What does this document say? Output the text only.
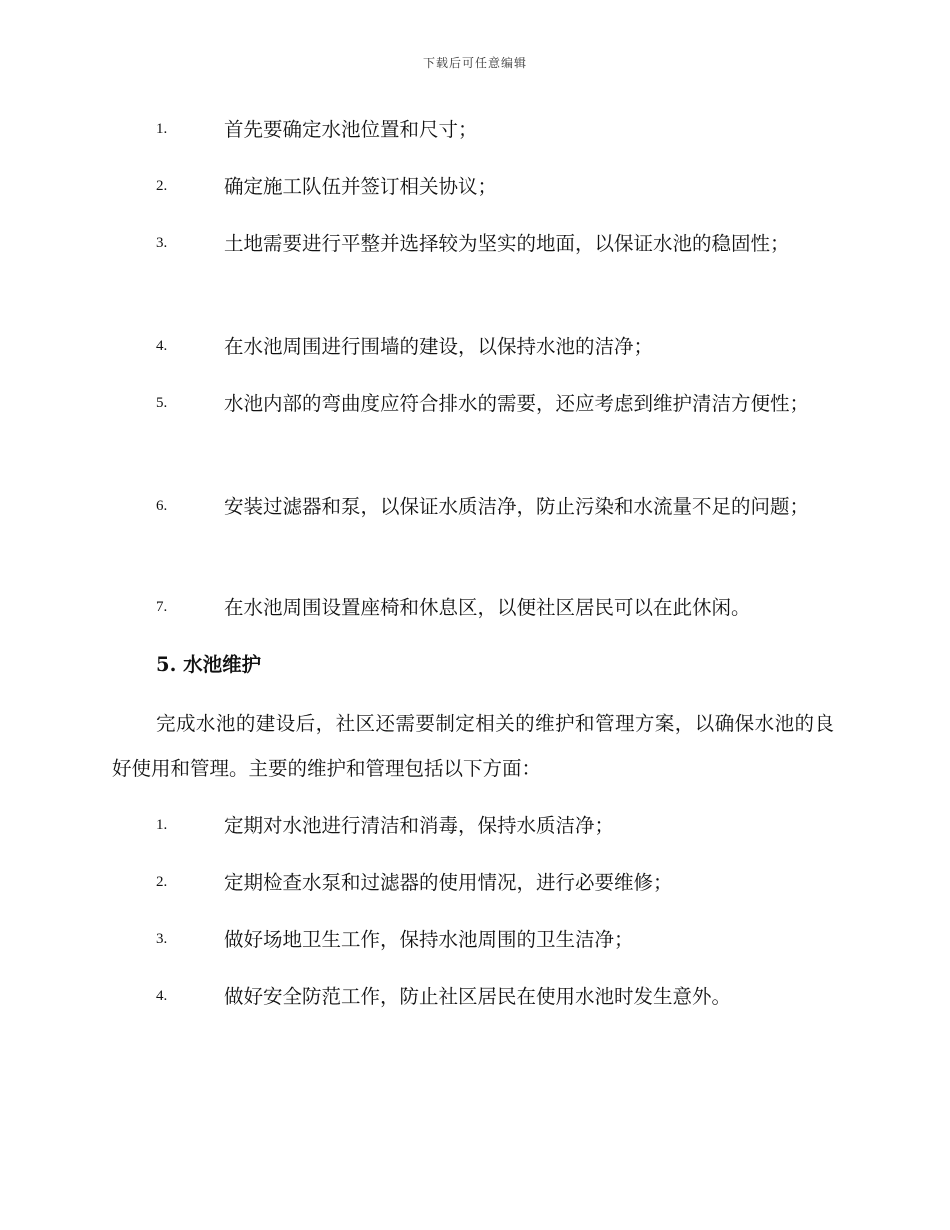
下载后可任意编辑
1.	首先要确定水池位置和尺寸；
2.	确定施工队伍并签订相关协议；
3.	土地需要进行平整并选择较为坚实的地面，以保证水池的稳固性；
4.	在水池周围进行围墙的建设，以保持水池的洁净；
5.	水池内部的弯曲度应符合排水的需要，还应考虑到维护清洁方便性；
6.	安装过滤器和泵，以保证水质洁净，防止污染和水流量不足的问题；
7.	在水池周围设置座椅和休息区，以便社区居民可以在此休闲。
5. 水池维护
完成水池的建设后，社区还需要制定相关的维护和管理方案，以确保水池的良好使用和管理。主要的维护和管理包括以下方面：
1.	定期对水池进行清洁和消毒，保持水质洁净；
2.	定期检查水泵和过滤器的使用情况，进行必要维修；
3.	做好场地卫生工作，保持水池周围的卫生洁净；
4.	做好安全防范工作，防止社区居民在使用水池时发生意外。
